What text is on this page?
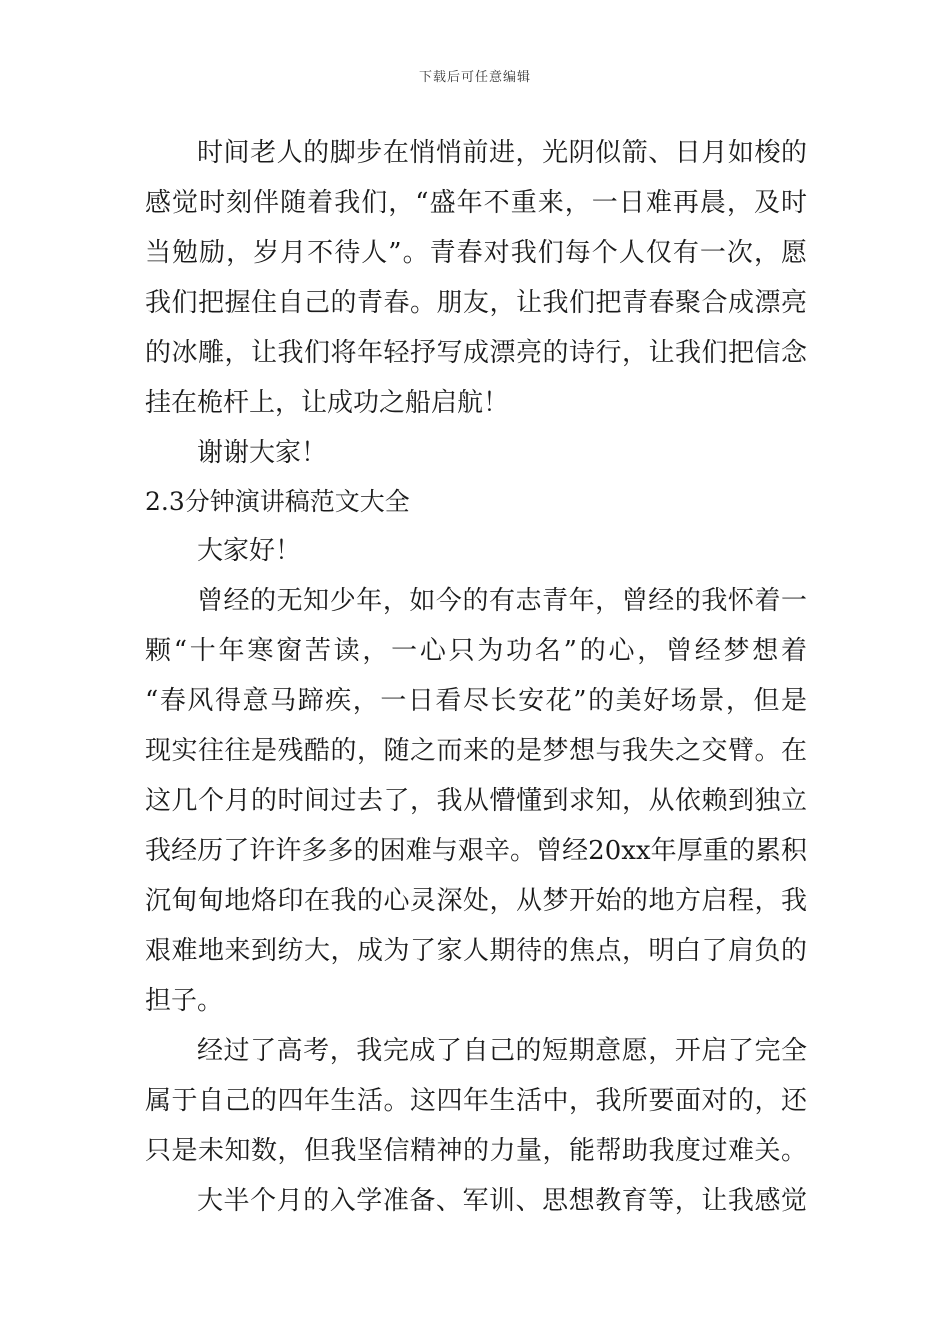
下载后可任意编辑
时间老人的脚步在悄悄前进，光阴似箭、日月如梭的
感觉时刻伴随着我们，“盛年不重来，一日难再晨，及时
当勉励，岁月不待人”。青春对我们每个人仅有一次，愿
我们把握住自己的青春。朋友，让我们把青春聚合成漂亮
的冰雕，让我们将年轻抒写成漂亮的诗行，让我们把信念
挂在桅杆上，让成功之船启航！
谢谢大家！
2.3分钟演讲稿范文大全
大家好！
曾经的无知少年，如今的有志青年，曾经的我怀着一
颗“十年寒窗苦读，一心只为功名”的心，曾经梦想着
“春风得意马蹄疾，一日看尽长安花”的美好场景，但是
现实往往是残酷的，随之而来的是梦想与我失之交臂。在
这几个月的时间过去了，我从懵懂到求知，从依赖到独立
我经历了许许多多的困难与艰辛。曾经20xx年厚重的累积
沉甸甸地烙印在我的心灵深处，从梦开始的地方启程，我
艰难地来到纺大，成为了家人期待的焦点，明白了肩负的
担子。
经过了高考，我完成了自己的短期意愿，开启了完全
属于自己的四年生活。这四年生活中，我所要面对的，还
只是未知数，但我坚信精神的力量，能帮助我度过难关。
大半个月的入学准备、军训、思想教育等，让我感觉
